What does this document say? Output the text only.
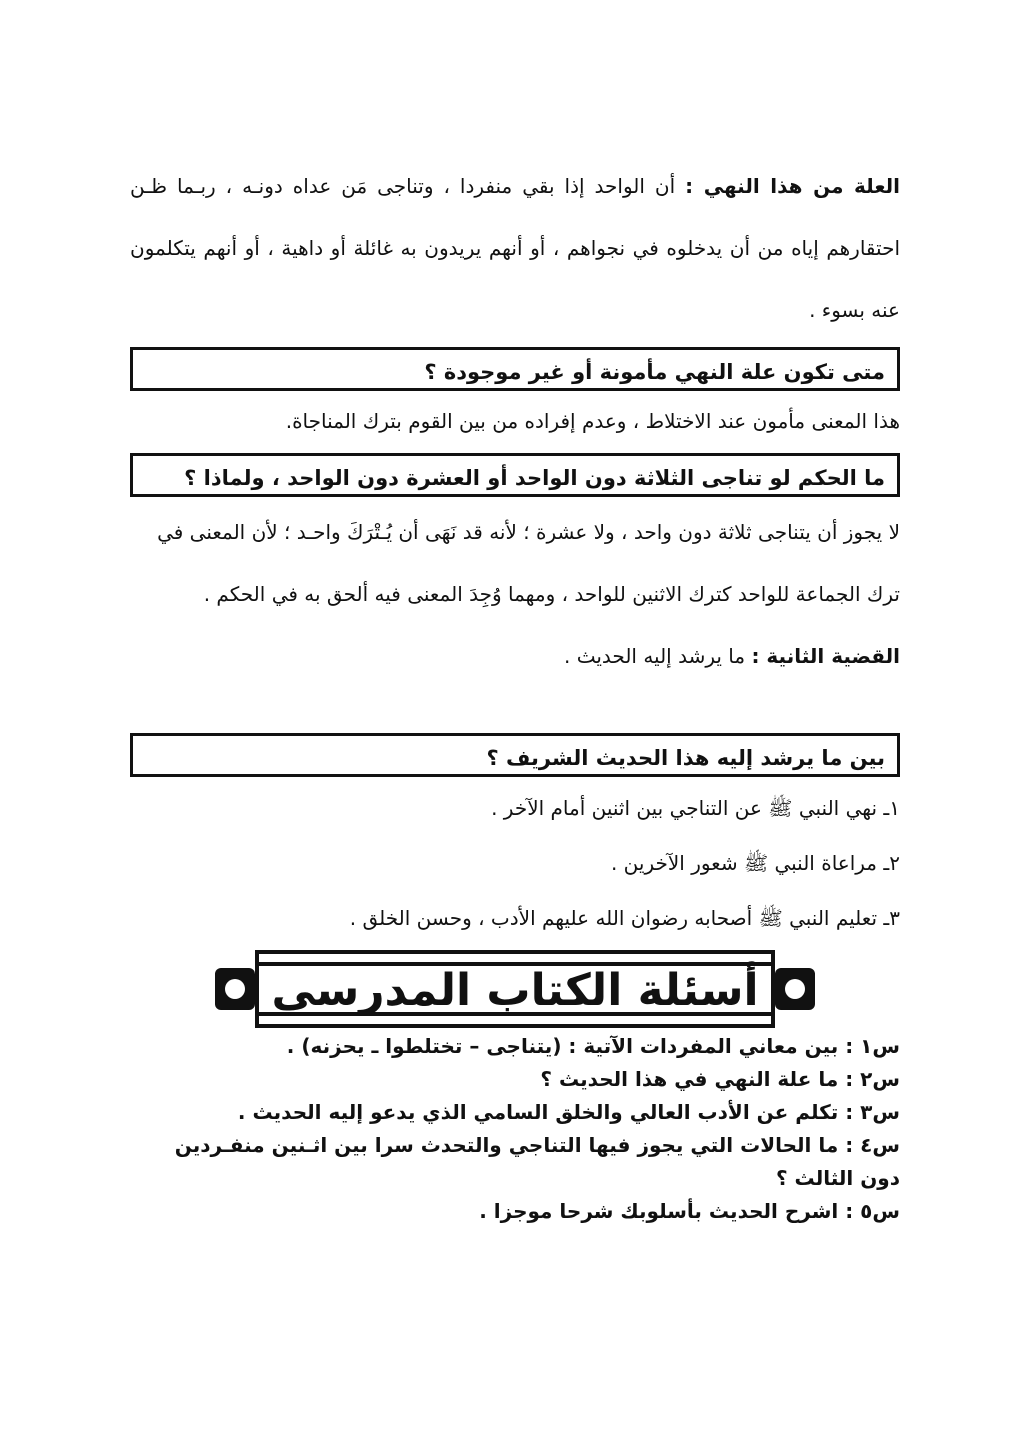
العلة من هذا النهي : أن الواحد إذا بقي منفردا ، وتناجى مَن عداه دونـه ، ربـما ظـن احتقارهم إياه من أن يدخلوه في نجواهم ، أو أنهم يريدون به غائلة أو داهية ، أو أنهم يتكلمون عنه بسوء .

متى تكون علة النهي مأمونة أو غير موجودة ؟

هذا المعنى مأمون عند الاختلاط ، وعدم إفراده من بين القوم بترك المناجاة.

ما الحكم لو تناجى الثلاثة دون الواحد أو العشرة دون الواحد ، ولماذا ؟

لا يجوز أن يتناجى ثلاثة دون واحد ، ولا عشرة ؛ لأنه قد نَهَى أن يُـتْرَكَ واحـد ؛ لأن المعنى في ترك الجماعة للواحد كترك الاثنين للواحد ، ومهما وُجِدَ المعنى فيه ألحق به في الحكم .

القضية الثانية : ما يرشد إليه الحديث .

بين ما يرشد إليه هذا الحديث الشريف ؟

١ـ نهي النبي ﷺ عن التناجي بين اثنين أمام الآخر .

٢ـ مراعاة النبي ﷺ شعور الآخرين .

٣ـ تعليم النبي ﷺ أصحابه رضوان الله عليهم الأدب ، وحسن الخلق .

أسئلة الكتاب المدرسي

س١ : بين معاني المفردات الآتية : (يتناجى – تختلطوا ـ يحزنه) .

س٢ : ما علة النهي في هذا الحديث ؟

س٣ : تكلم عن الأدب العالي والخلق السامي الذي يدعو إليه الحديث .

س٤ : ما الحالات التي يجوز فيها التناجي والتحدث سرا بين اثـنين منفـردين دون الثالث ؟

س٥ : اشرح الحديث بأسلوبك شرحا موجزا .
